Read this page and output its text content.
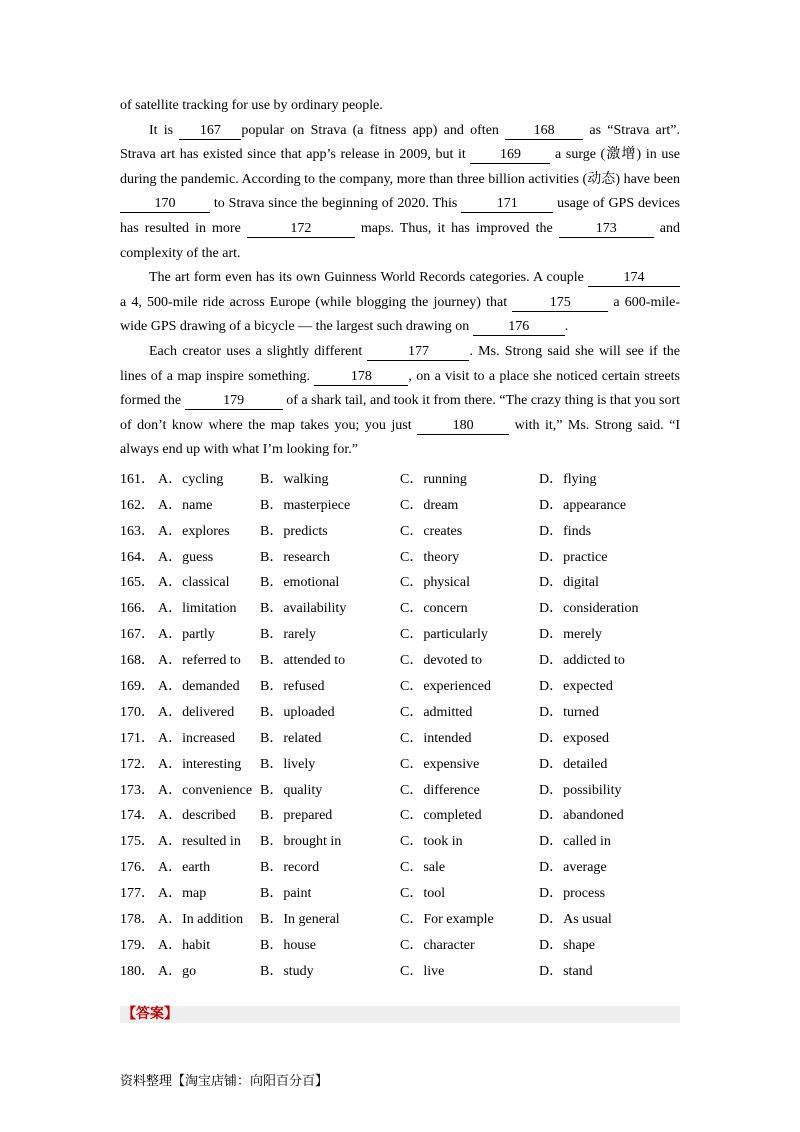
of satellite tracking for use by ordinary people.

It is 167 popular on Strava (a fitness app) and often 168 as “Strava art”. Strava art has existed since that app’s release in 2009, but it 169 a surge (激增) in use during the pandemic. According to the company, more than three billion activities (动态) have been 170 to Strava since the beginning of 2020. This	171	usage of GPS devices has resulted in more	172	maps. Thus, it has improved the	173	and complexity of the art.

The art form even has its own Guinness World Records categories. A couple	174 a 4, 500-mile ride across Europe (while blogging the journey) that	175	a 600-mile-wide GPS drawing of a bicycle — the largest such drawing on	176	.

Each creator uses a slightly different	177	. Ms. Strong said she will see if the lines of a map inspire something.	178	, on a visit to a place she noticed certain streets formed the	179	of a shark tail, and took it from there. “The crazy thing is that you sort of don’t know where the map takes you; you just	180	with it,” Ms. Strong said. “I always end up with what I’m looking for.”

161． A．cycling	B．walking	C．running	D．flying
162． A．name	B．masterpiece	C．dream	D．appearance
163． A．explores B．predicts	C．creates	D．finds
164． A．guess	B．research	C．theory	D．practice
165． A．classical B．emotional	C．physical	D．digital
166． A．limitation B．availability	C．concern	D．consideration
167． A．partly	B．rarely	C．particularly	D．merely
168． A．referred to B．attended to	C．devoted to	D．addicted to
169． A．demanded B．refused	C．experienced	D．expected
170． A．delivered B．uploaded	C．admitted	D．turned
171． A．increased B．related	C．intended	D．exposed
172． A．interesting B．lively	C．expensive	D．detailed
173． A．convenience B．quality	C．difference	D．possibility
174． A．described B．prepared	C．completed	D．abandoned
175． A．resulted in B．brought in	C．took in	D．called in
176． A．earth	B．record	C．sale	D．average
177． A．map	B．paint	C．tool	D．process
178． A．In addition B．In general	C．For example	D．As usual
179． A．habit	B．house	C．character	D．shape
180． A．go	B．study	C．live	D．stand
【答案】
资料整理【淘宝店铺：向阳百分百】
